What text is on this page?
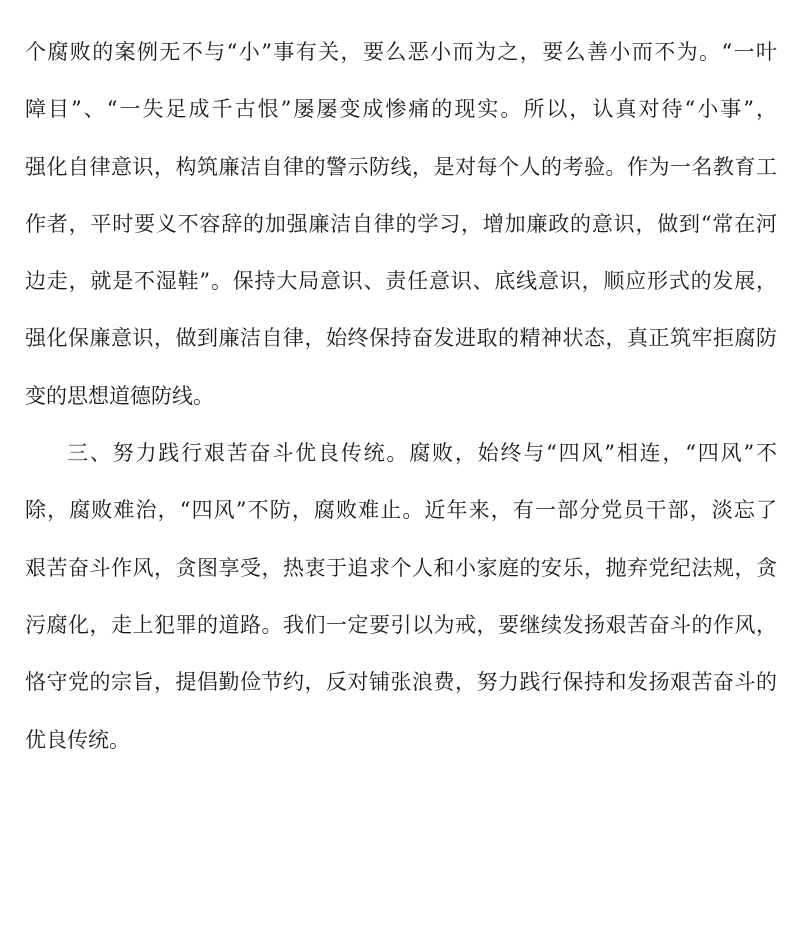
个腐败的案例无不与“小”事有关，要么恶小而为之，要么善小而不为。“一叶
障目”、“一失足成千古恨”屡屡变成惨痛的现实。所以，认真对待“小事”，
强化自律意识，构筑廉洁自律的警示防线，是对每个人的考验。作为一名教育工
作者，平时要义不容辞的加强廉洁自律的学习，增加廉政的意识，做到“常在河
边走，就是不湿鞋”。保持大局意识、责任意识、底线意识，顺应形式的发展，
强化保廉意识，做到廉洁自律，始终保持奋发进取的精神状态，真正筑牢拒腐防
变的思想道德防线。
三、努力践行艰苦奋斗优良传统。腐败，始终与“四风”相连，“四风”不
除，腐败难治，“四风”不防，腐败难止。近年来，有一部分党员干部，淡忘了
艰苦奋斗作风，贪图享受，热衷于追求个人和小家庭的安乐，抛弃党纪法规，贪
污腐化，走上犯罪的道路。我们一定要引以为戒，要继续发扬艰苦奋斗的作风，
恪守党的宗旨，提倡勤俭节约，反对铺张浪费，努力践行保持和发扬艰苦奋斗的
优良传统。
